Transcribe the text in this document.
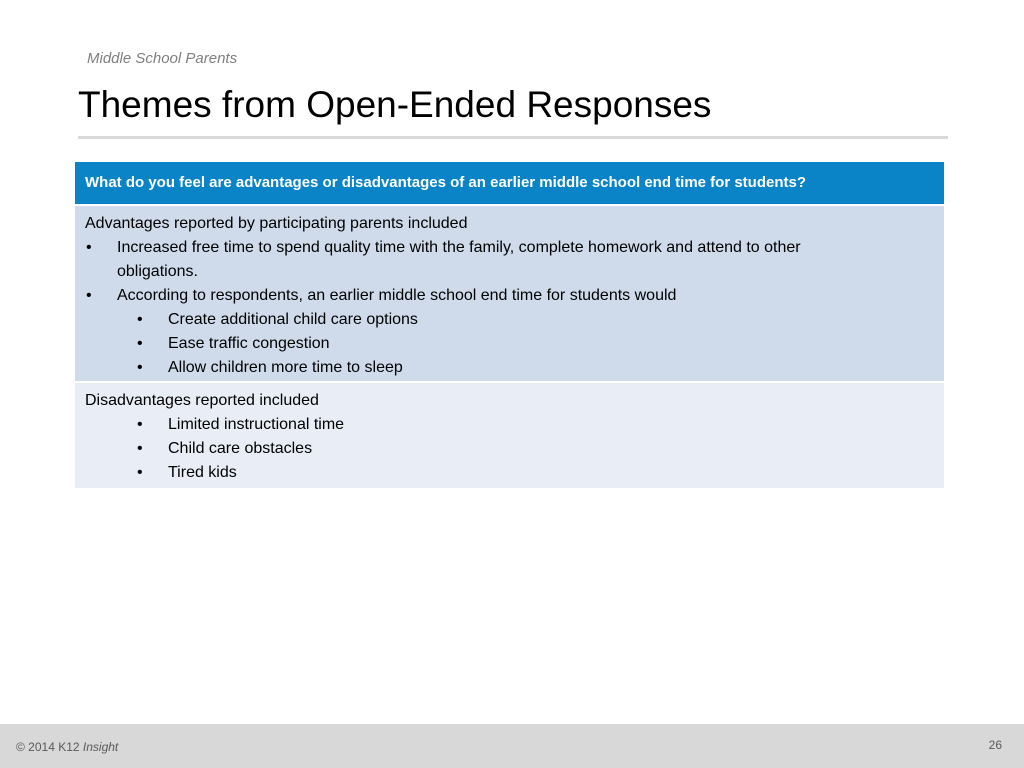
Middle School Parents
Themes from Open-Ended Responses
What do you feel are advantages or disadvantages of an earlier middle school end time for students?
Advantages reported by participating parents included
• Increased free time to spend quality time with the family, complete homework and attend to other
obligations.
• According to respondents, an earlier middle school end time for students would
• Create additional child care options
• Ease traffic congestion
• Allow children more time to sleep
Disadvantages reported included
• Limited instructional time
• Child care obstacles
• Tired kids
© 2014 K12 Insight	26
